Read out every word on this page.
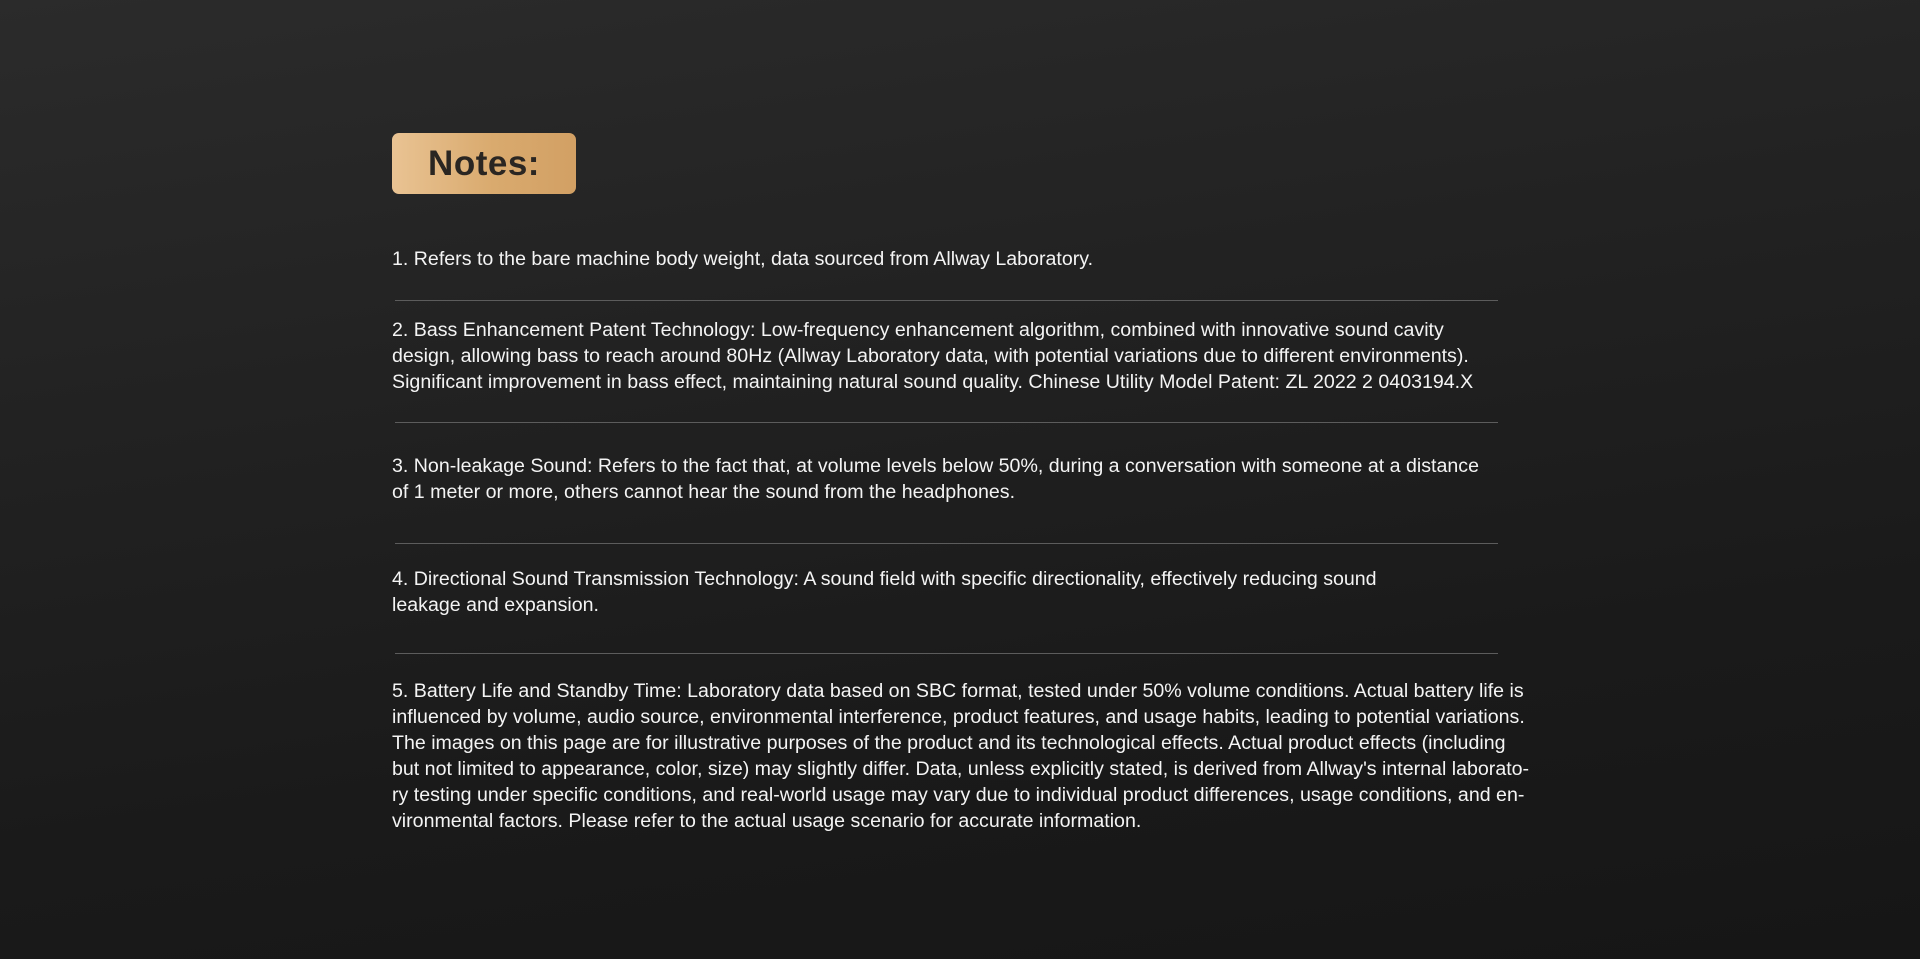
Notes:
1. Refers to the bare machine body weight, data sourced from Allway Laboratory.
2. Bass Enhancement Patent Technology: Low-frequency enhancement algorithm, combined with innovative sound cavity
design, allowing bass to reach around 80Hz (Allway Laboratory data, with potential variations due to different environments).
Significant improvement in bass effect, maintaining natural sound quality. Chinese Utility Model Patent: ZL 2022 2 0403194.X
3. Non-leakage Sound: Refers to the fact that, at volume levels below 50%, during a conversation with someone at a distance
of 1 meter or more, others cannot hear the sound from the headphones.
4. Directional Sound Transmission Technology: A sound field with specific directionality, effectively reducing sound
leakage and expansion.
5. Battery Life and Standby Time: Laboratory data based on SBC format, tested under 50% volume conditions. Actual battery life is
influenced by volume, audio source, environmental interference, product features, and usage habits, leading to potential variations.
The images on this page are for illustrative purposes of the product and its technological effects. Actual product effects (including
but not limited to appearance, color, size) may slightly differ. Data, unless explicitly stated, is derived from Allway's internal laborato-
ry testing under specific conditions, and real-world usage may vary due to individual product differences, usage conditions, and en-
vironmental factors. Please refer to the actual usage scenario for accurate information.
